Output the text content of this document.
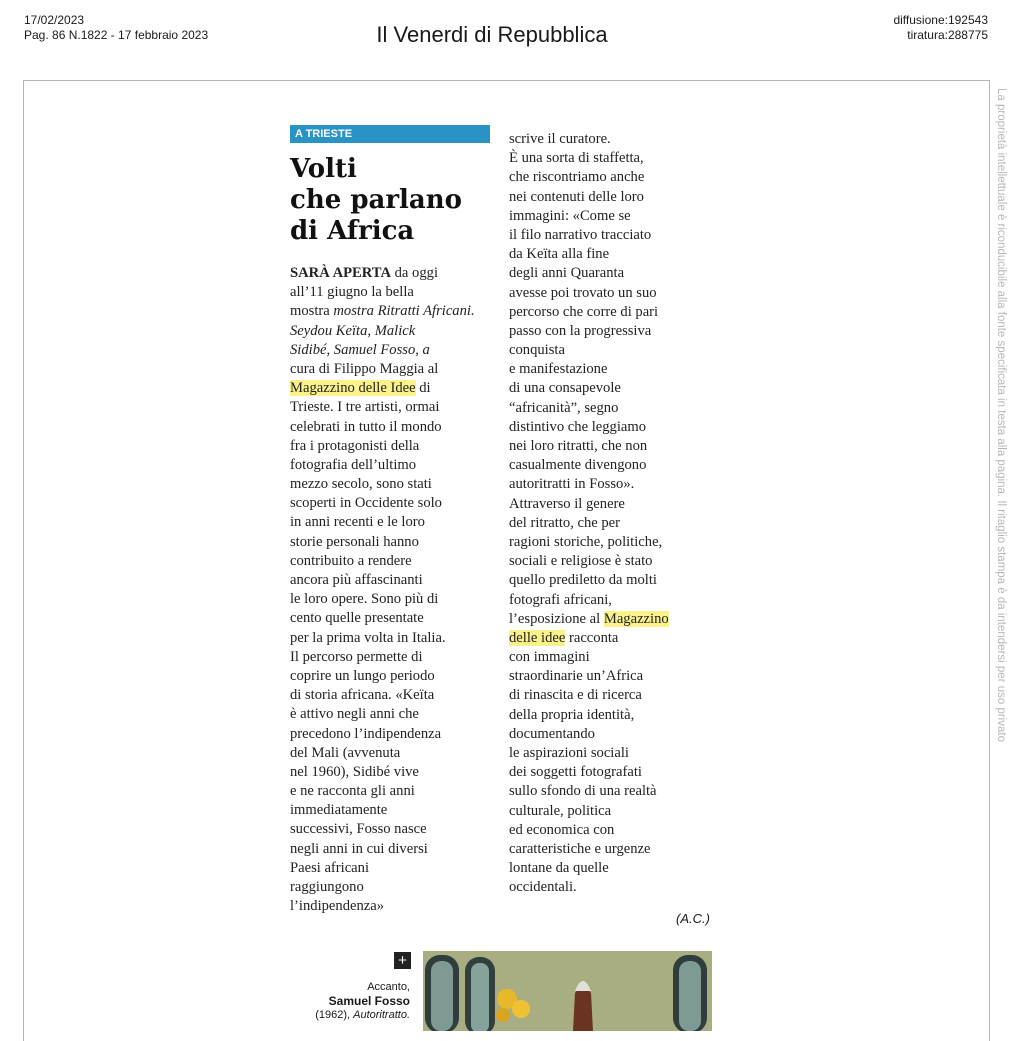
17/02/2023
Pag. 86 N.1822 - 17 febbraio 2023	Il Venerdi di Repubblica
diffusione:192543
tiratura:288775
La proprietà intellettuale è riconducibile alla fonte specificata in testa alla pagina. Il ritaglio stampa è da intendersi per uso privato
A TRIESTE
Volti
che parlano
di Africa
SARÀ APERTA da oggi
all’11 giugno la bella
mostra mostra Ritratti Africani.
Seydou Keïta, Malick
Sidibé, Samuel Fosso, a
cura di Filippo Maggia al
Magazzino delle Idee di
Trieste. I tre artisti, ormai
celebrati in tutto il mondo
fra i protagonisti della
fotografia dell’ultimo
mezzo secolo, sono stati
scoperti in Occidente solo
in anni recenti e le loro
storie personali hanno
contribuito a rendere
ancora più affascinanti
le loro opere. Sono più di
cento quelle presentate
per la prima volta in Italia.
Il percorso permette di
coprire un lungo periodo
di storia africana. «Keïta
è attivo negli anni che
precedono l’indipendenza
del Mali (avvenuta
nel 1960), Sidibé vive
e ne racconta gli anni
immediatamente
successivi, Fosso nasce
negli anni in cui diversi
Paesi africani
raggiungono
l’indipendenza»
scrive il curatore.
È una sorta di staffetta,
che riscontriamo anche
nei contenuti delle loro
immagini: «Come se
il filo narrativo tracciato
da Keïta alla fine
degli anni Quaranta
avesse poi trovato un suo
percorso che corre di pari
passo con la progressiva
conquista
e manifestazione
di una consapevole
“africanità”, segno
distintivo che leggiamo
nei loro ritratti, che non
casualmente divengono
autoritratti in Fosso».
Attraverso il genere
del ritratto, che per
ragioni storiche, politiche,
sociali e religiose è stato
quello prediletto da molti
fotografi africani,
l’esposizione al Magazzino
delle idee racconta
con immagini
straordinarie un’Africa
di rinascita e di ricerca
della propria identità,
documentando
le aspirazioni sociali
dei soggetti fotografati
sullo sfondo di una realtà
culturale, politica
ed economica con
caratteristiche e urgenze
lontane da quelle
occidentali.
(A.C.)
+
Accanto,
Samuel Fosso
(1962), Autoritratto.
